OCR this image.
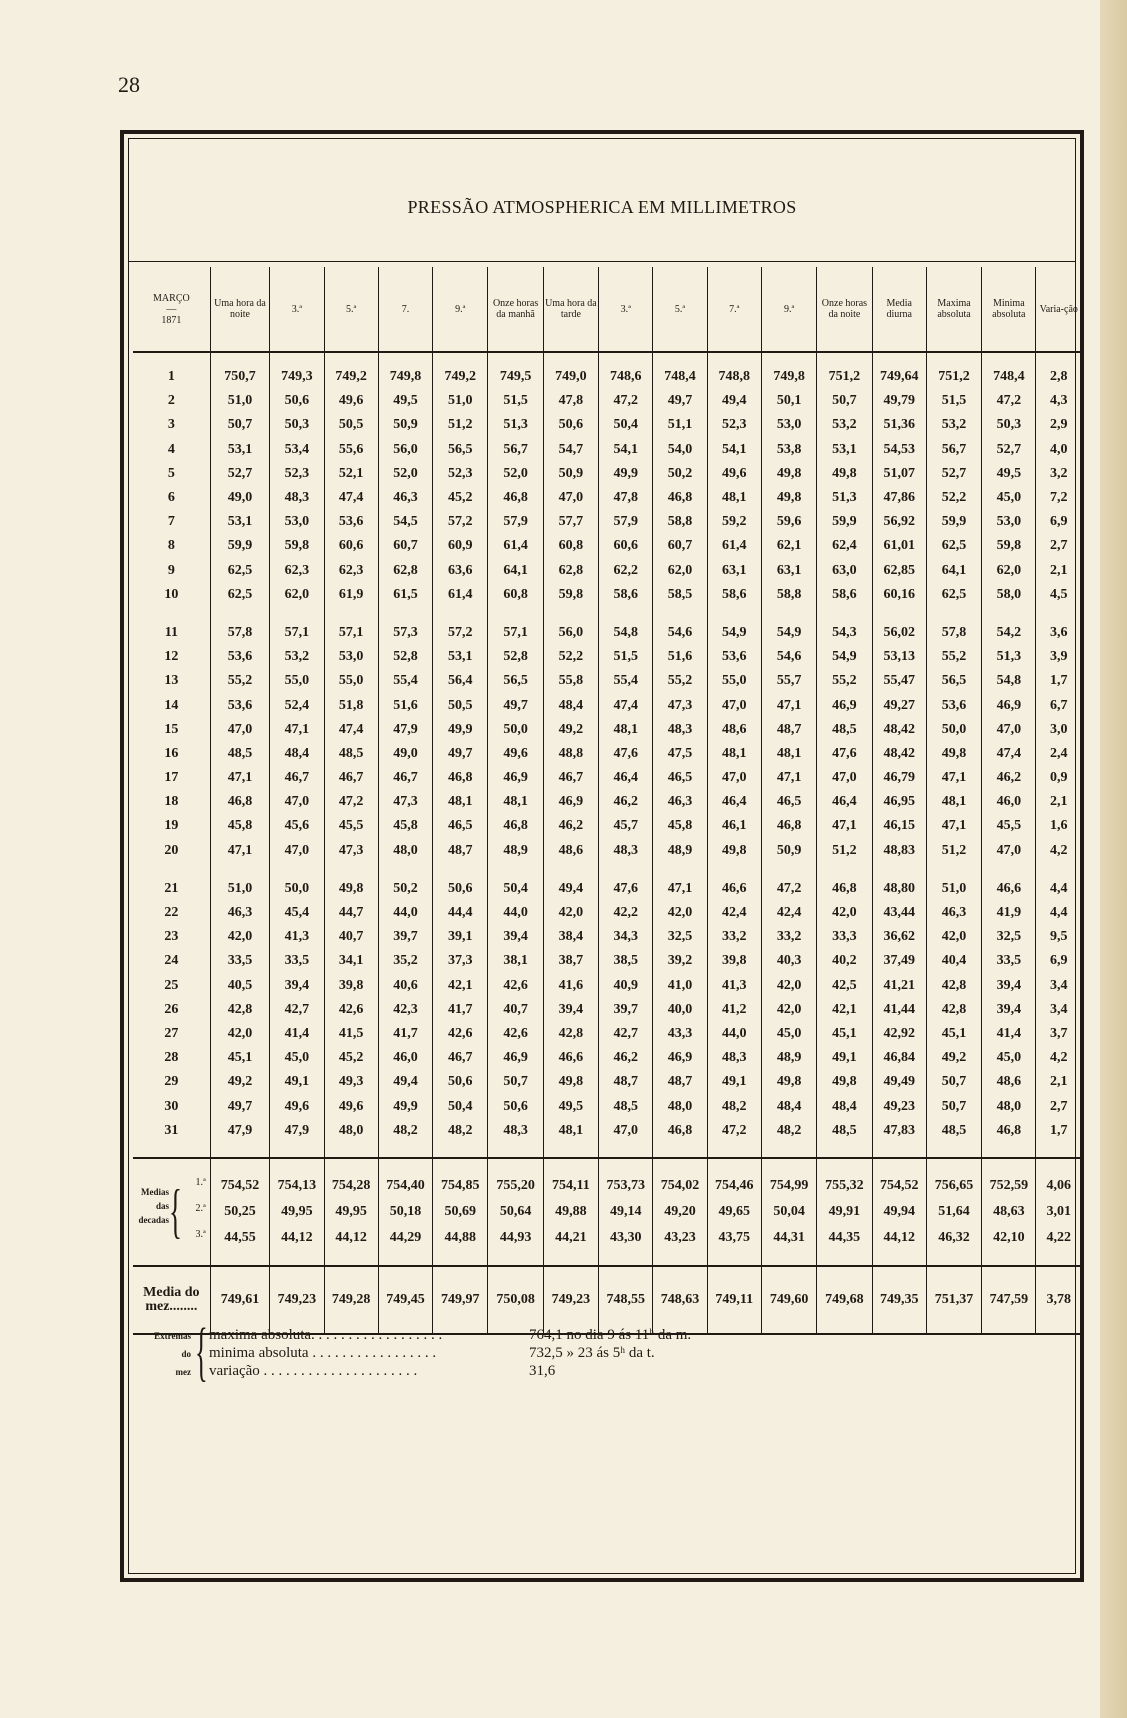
28
PRESSÃO ATMOSPHERICA EM MILLIMETROS
MARÇO
—
1871	Uma hora da noite	3.ª	5.ª	7.	9.ª	Onze horas da manhã	Uma hora da tarde	3.ª	5.ª	7.ª	9.ª	Onze horas da noite	Media diurna	Maxima absoluta	Minima absoluta	Varia-ção

1	750,7	749,3	749,2	749,8	749,2	749,5	749,0	748,6	748,4	748,8	749,8	751,2	749,64	751,2	748,4	2,8
2	51,0	50,6	49,6	49,5	51,0	51,5	47,8	47,2	49,7	49,4	50,1	50,7	49,79	51,5	47,2	4,3
3	50,7	50,3	50,5	50,9	51,2	51,3	50,6	50,4	51,1	52,3	53,0	53,2	51,36	53,2	50,3	2,9
4	53,1	53,4	55,6	56,0	56,5	56,7	54,7	54,1	54,0	54,1	53,8	53,1	54,53	56,7	52,7	4,0
5	52,7	52,3	52,1	52,0	52,3	52,0	50,9	49,9	50,2	49,6	49,8	49,8	51,07	52,7	49,5	3,2
6	49,0	48,3	47,4	46,3	45,2	46,8	47,0	47,8	46,8	48,1	49,8	51,3	47,86	52,2	45,0	7,2
7	53,1	53,0	53,6	54,5	57,2	57,9	57,7	57,9	58,8	59,2	59,6	59,9	56,92	59,9	53,0	6,9
8	59,9	59,8	60,6	60,7	60,9	61,4	60,8	60,6	60,7	61,4	62,1	62,4	61,01	62,5	59,8	2,7
9	62,5	62,3	62,3	62,8	63,6	64,1	62,8	62,2	62,0	63,1	63,1	63,0	62,85	64,1	62,0	2,1
10	62,5	62,0	61,9	61,5	61,4	60,8	59,8	58,6	58,5	58,6	58,8	58,6	60,16	62,5	58,0	4,5

11	57,8	57,1	57,1	57,3	57,2	57,1	56,0	54,8	54,6	54,9	54,9	54,3	56,02	57,8	54,2	3,6
12	53,6	53,2	53,0	52,8	53,1	52,8	52,2	51,5	51,6	53,6	54,6	54,9	53,13	55,2	51,3	3,9
13	55,2	55,0	55,0	55,4	56,4	56,5	55,8	55,4	55,2	55,0	55,7	55,2	55,47	56,5	54,8	1,7
14	53,6	52,4	51,8	51,6	50,5	49,7	48,4	47,4	47,3	47,0	47,1	46,9	49,27	53,6	46,9	6,7
15	47,0	47,1	47,4	47,9	49,9	50,0	49,2	48,1	48,3	48,6	48,7	48,5	48,42	50,0	47,0	3,0
16	48,5	48,4	48,5	49,0	49,7	49,6	48,8	47,6	47,5	48,1	48,1	47,6	48,42	49,8	47,4	2,4
17	47,1	46,7	46,7	46,7	46,8	46,9	46,7	46,4	46,5	47,0	47,1	47,0	46,79	47,1	46,2	0,9
18	46,8	47,0	47,2	47,3	48,1	48,1	46,9	46,2	46,3	46,4	46,5	46,4	46,95	48,1	46,0	2,1
19	45,8	45,6	45,5	45,8	46,5	46,8	46,2	45,7	45,8	46,1	46,8	47,1	46,15	47,1	45,5	1,6
20	47,1	47,0	47,3	48,0	48,7	48,9	48,6	48,3	48,9	49,8	50,9	51,2	48,83	51,2	47,0	4,2

21	51,0	50,0	49,8	50,2	50,6	50,4	49,4	47,6	47,1	46,6	47,2	46,8	48,80	51,0	46,6	4,4
22	46,3	45,4	44,7	44,0	44,4	44,0	42,0	42,2	42,0	42,4	42,4	42,0	43,44	46,3	41,9	4,4
23	42,0	41,3	40,7	39,7	39,1	39,4	38,4	34,3	32,5	33,2	33,2	33,3	36,62	42,0	32,5	9,5
24	33,5	33,5	34,1	35,2	37,3	38,1	38,7	38,5	39,2	39,8	40,3	40,2	37,49	40,4	33,5	6,9
25	40,5	39,4	39,8	40,6	42,1	42,6	41,6	40,9	41,0	41,3	42,0	42,5	41,21	42,8	39,4	3,4
26	42,8	42,7	42,6	42,3	41,7	40,7	39,4	39,7	40,0	41,2	42,0	42,1	41,44	42,8	39,4	3,4
27	42,0	41,4	41,5	41,7	42,6	42,6	42,8	42,7	43,3	44,0	45,0	45,1	42,92	45,1	41,4	3,7
28	45,1	45,0	45,2	46,0	46,7	46,9	46,6	46,2	46,9	48,3	48,9	49,1	46,84	49,2	45,0	4,2
29	49,2	49,1	49,3	49,4	50,6	50,7	49,8	48,7	48,7	49,1	49,8	49,8	49,49	50,7	48,6	2,1
30	49,7	49,6	49,6	49,9	50,4	50,6	49,5	48,5	48,0	48,2	48,4	48,4	49,23	50,7	48,0	2,7
31	47,9	47,9	48,0	48,2	48,2	48,3	48,1	47,0	46,8	47,2	48,2	48,5	47,83	48,5	46,8	1,7

1.ª	754,52	754,13	754,28	754,40	754,85	755,20	754,11	753,73	754,02	754,46	754,99	755,32	754,52	756,65	752,59	4,06

Medias
das
decadas { 2.ª	50,25	49,95	49,95	50,18	50,69	50,64	49,88	49,14	49,20	49,65	50,04	49,91	49,94	51,64	48,63	3,01

3.ª	44,55	44,12	44,12	44,29	44,88	44,93	44,21	43,30	43,23	43,75	44,31	44,35	44,12	46,32	42,10	4,22

Media do
mez........	749,61	749,23	749,28	749,45	749,97	750,08	749,23	748,55	748,63	749,11	749,60	749,68	749,35	751,37	747,59	3,78

Extremas
do
mez { maxima absoluta. . . . . . . . . . . . . . . . . .	764,1 no dia 9 ás 11ʰ da m.
minima absoluta . . . . . . . . . . . . . . . . .	732,5 » 23 ás 5ʰ da t.
variação . . . . . . . . . . . . . . . . . . . . .	31,6
